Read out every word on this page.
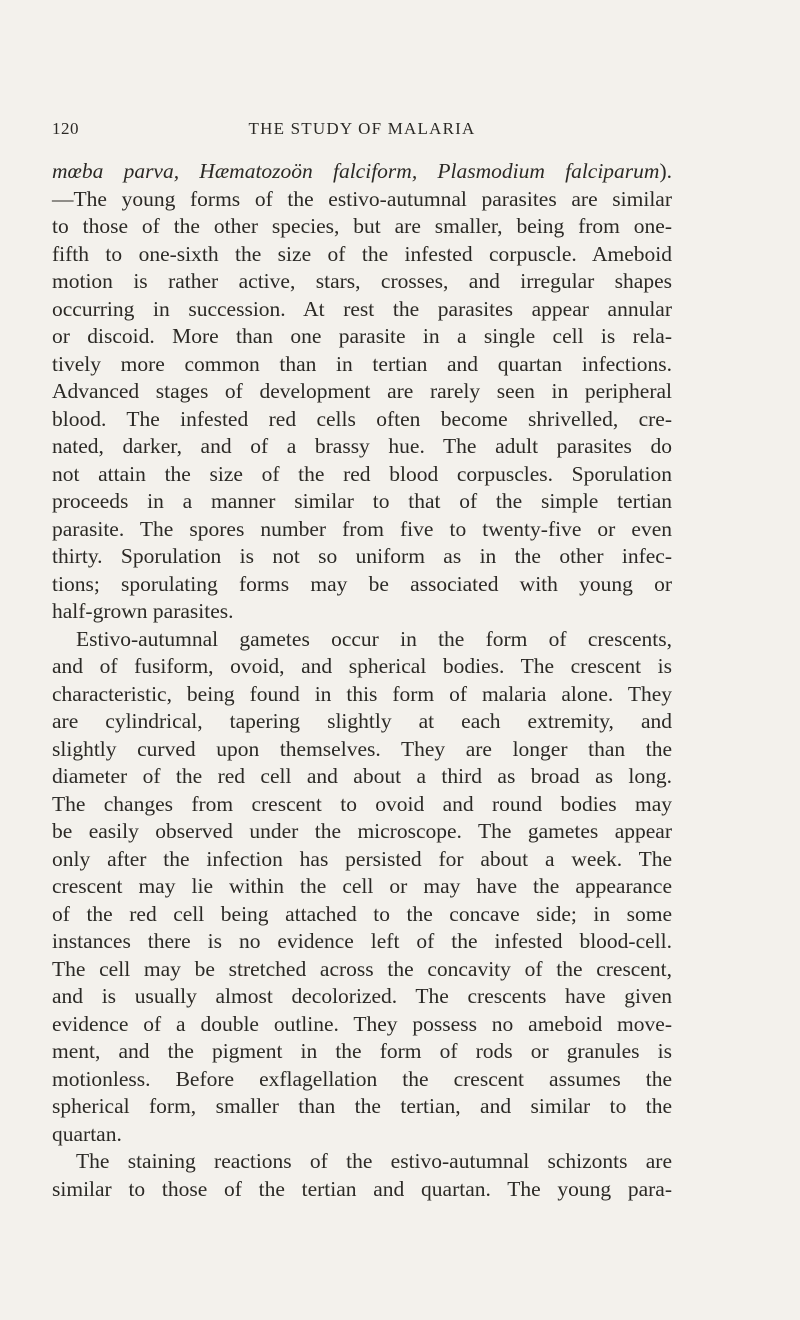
120	THE STUDY OF MALARIA
mœba parva, Hæmatozoön falciform, Plasmodium falciparum).
—The young forms of the estivo-autumnal parasites are similar
to those of the other species, but are smaller, being from one-
fifth to one-sixth the size of the infested corpuscle. Ameboid
motion is rather active, stars, crosses, and irregular shapes
occurring in succession. At rest the parasites appear annular
or discoid. More than one parasite in a single cell is rela-
tively more common than in tertian and quartan infections.
Advanced stages of development are rarely seen in peripheral
blood. The infested red cells often become shrivelled, cre-
nated, darker, and of a brassy hue. The adult parasites do
not attain the size of the red blood corpuscles. Sporulation
proceeds in a manner similar to that of the simple tertian
parasite. The spores number from five to twenty-five or even
thirty. Sporulation is not so uniform as in the other infec-
tions; sporulating forms may be associated with young or
half-grown parasites.
Estivo-autumnal gametes occur in the form of crescents,
and of fusiform, ovoid, and spherical bodies. The crescent is
characteristic, being found in this form of malaria alone. They
are cylindrical, tapering slightly at each extremity, and
slightly curved upon themselves. They are longer than the
diameter of the red cell and about a third as broad as long.
The changes from crescent to ovoid and round bodies may
be easily observed under the microscope. The gametes appear
only after the infection has persisted for about a week. The
crescent may lie within the cell or may have the appearance
of the red cell being attached to the concave side; in some
instances there is no evidence left of the infested blood-cell.
The cell may be stretched across the concavity of the crescent,
and is usually almost decolorized. The crescents have given
evidence of a double outline. They possess no ameboid move-
ment, and the pigment in the form of rods or granules is
motionless. Before exflagellation the crescent assumes the
spherical form, smaller than the tertian, and similar to the
quartan.
The staining reactions of the estivo-autumnal schizonts are
similar to those of the tertian and quartan. The young para-
